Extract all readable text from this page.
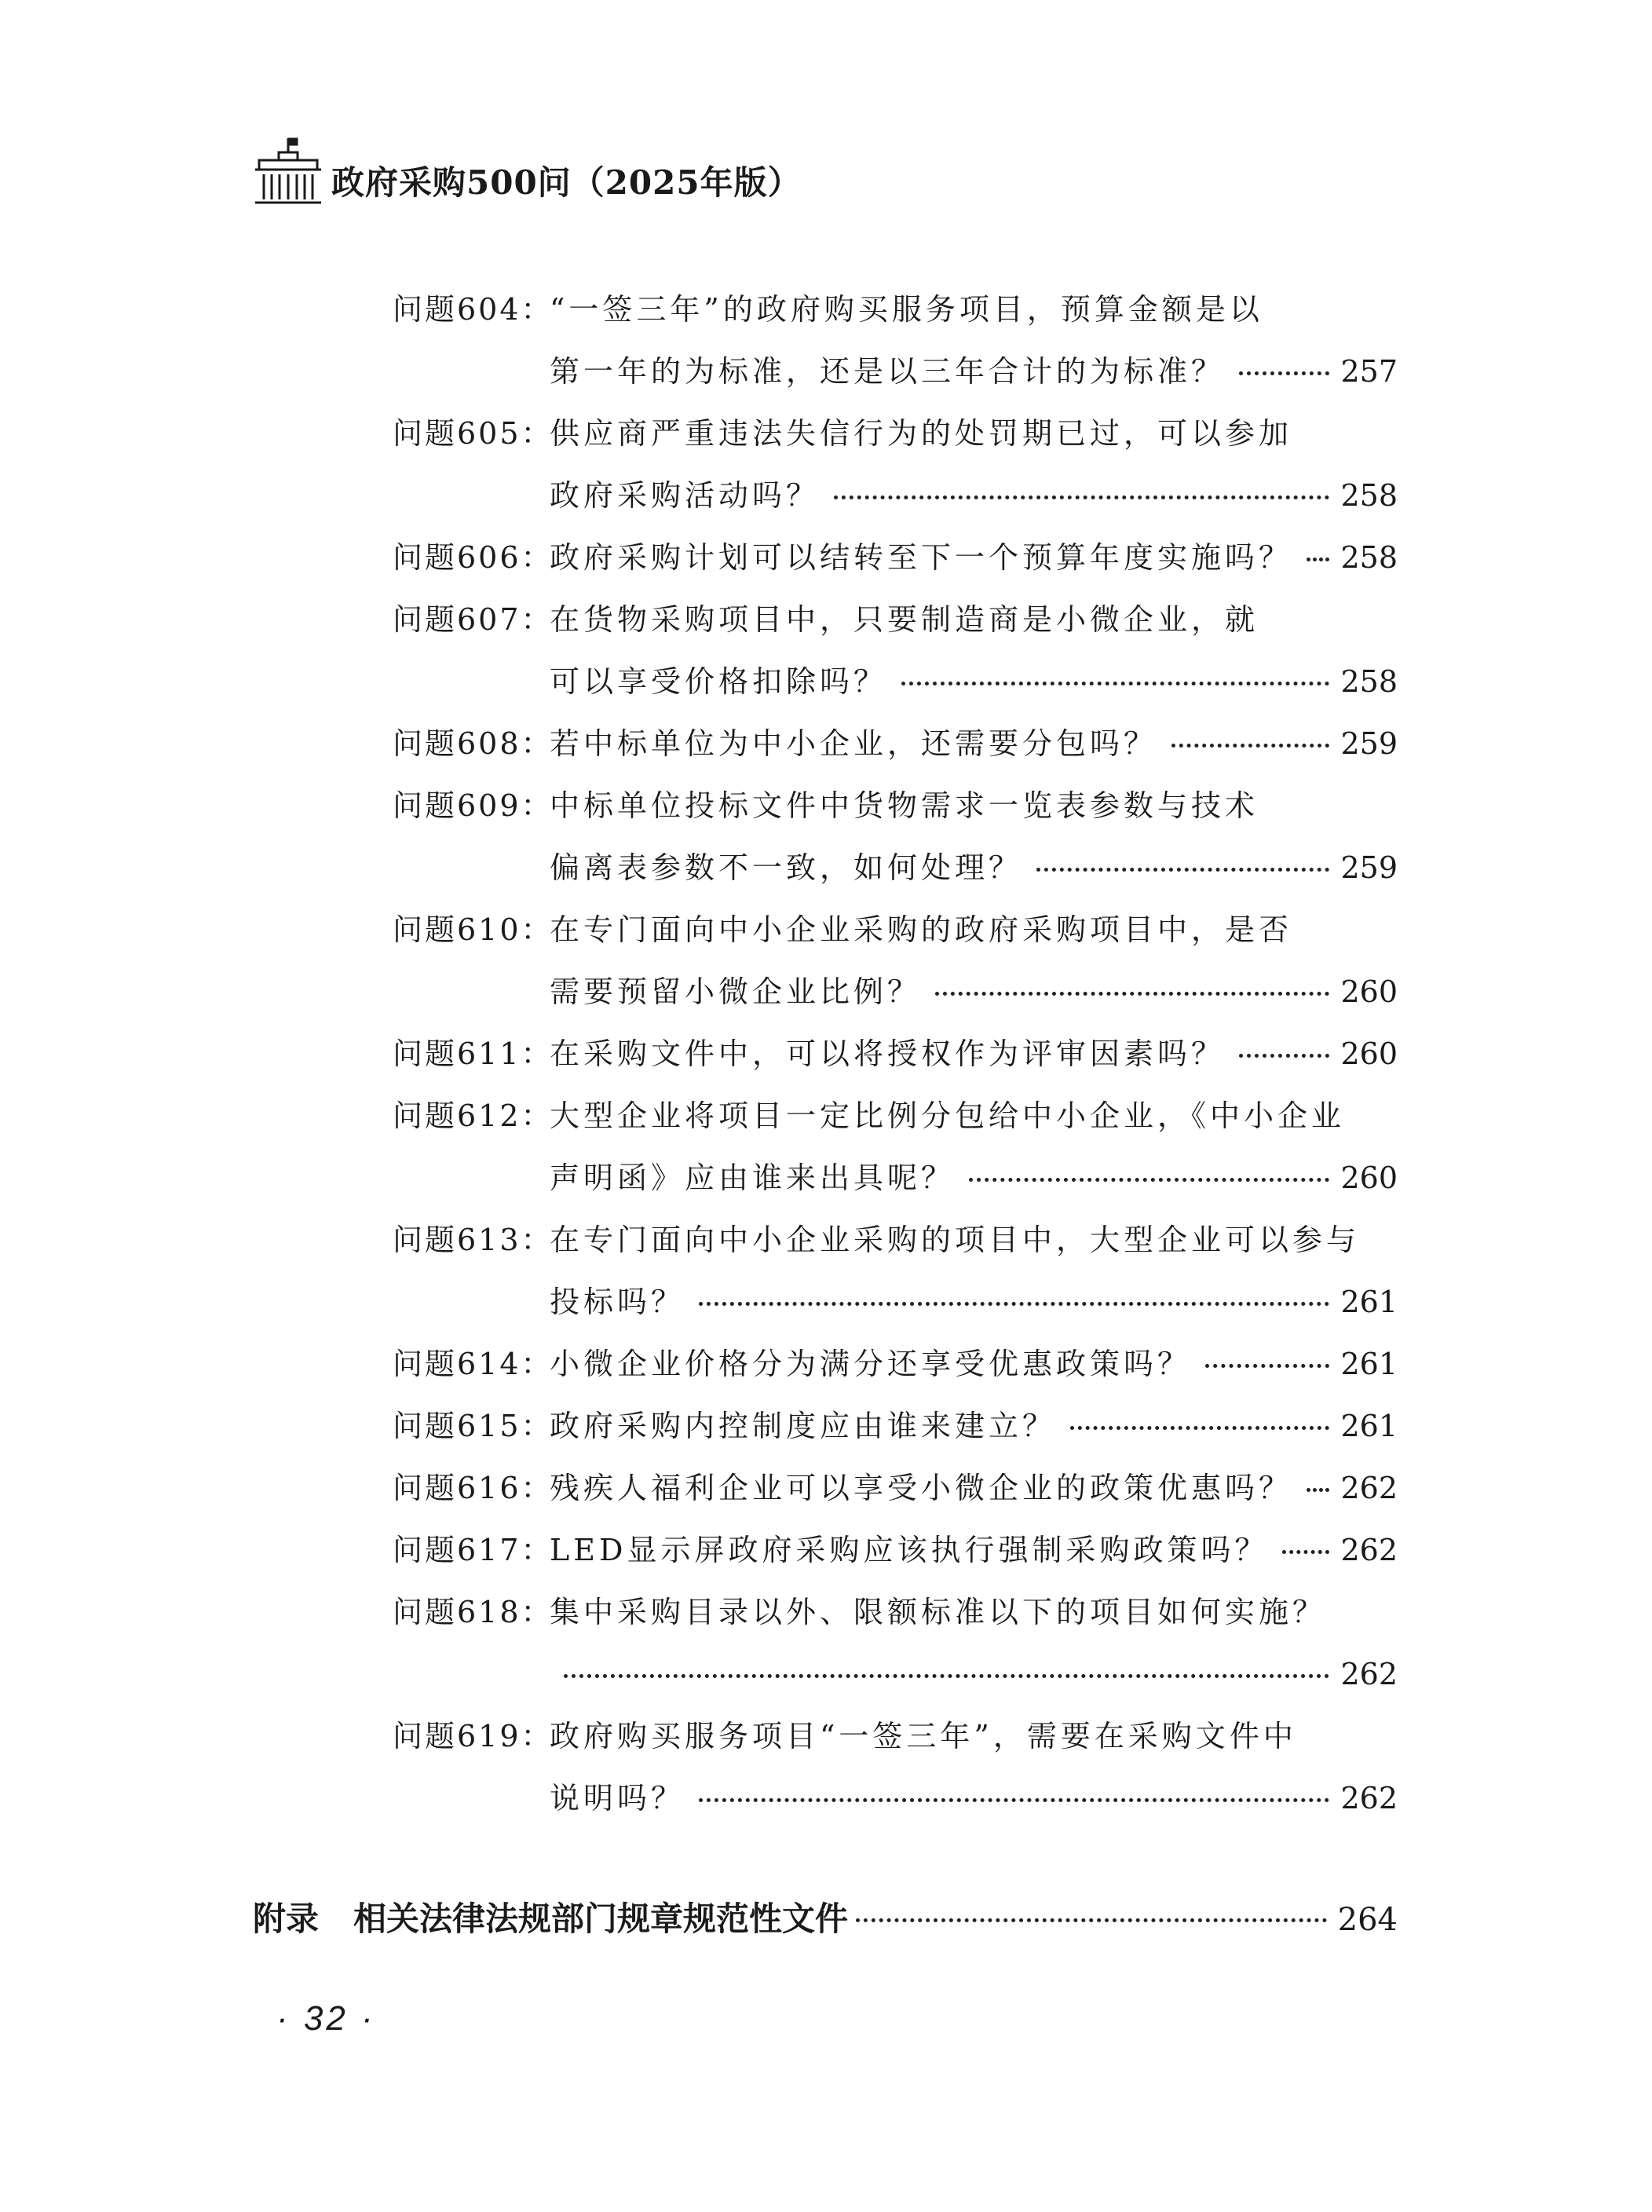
政府采购500问（2025年版）
问题604：
“一签三年”的政府购买服务项目，预算金额是以
第一年的为标准，还是以三年合计的为标准？	257
问题605：
供应商严重违法失信行为的处罚期已过，可以参加
政府采购活动吗？	258
问题606：
政府采购计划可以结转至下一个预算年度实施吗？ 258
问题607：
在货物采购项目中，只要制造商是小微企业，就
可以享受价格扣除吗？	258
问题608：
若中标单位为中小企业，还需要分包吗？	259
问题609：
中标单位投标文件中货物需求一览表参数与技术
偏离表参数不一致，如何处理？	259
问题610：
在专门面向中小企业采购的政府采购项目中，是否
需要预留小微企业比例？	260
问题611：
在采购文件中，可以将授权作为评审因素吗？	260
问题612：
大型企业将项目一定比例分包给中小企业，《中小企业
声明函》应由谁来出具呢？	260
问题613：
在专门面向中小企业采购的项目中，大型企业可以参与
投标吗？	261
问题614：
小微企业价格分为满分还享受优惠政策吗？	261
问题615：
政府采购内控制度应由谁来建立？	261
问题616：
残疾人福利企业可以享受小微企业的政策优惠吗？ 262
问题617：
LED显示屏政府采购应该执行强制采购政策吗？ 262
问题618：
集中采购目录以外、限额标准以下的项目如何实施？
262
问题619：
政府购买服务项目“一签三年”，需要在采购文件中
说明吗？	262
附录 相关法律法规部门规章规范性文件	264
· 32 ·
